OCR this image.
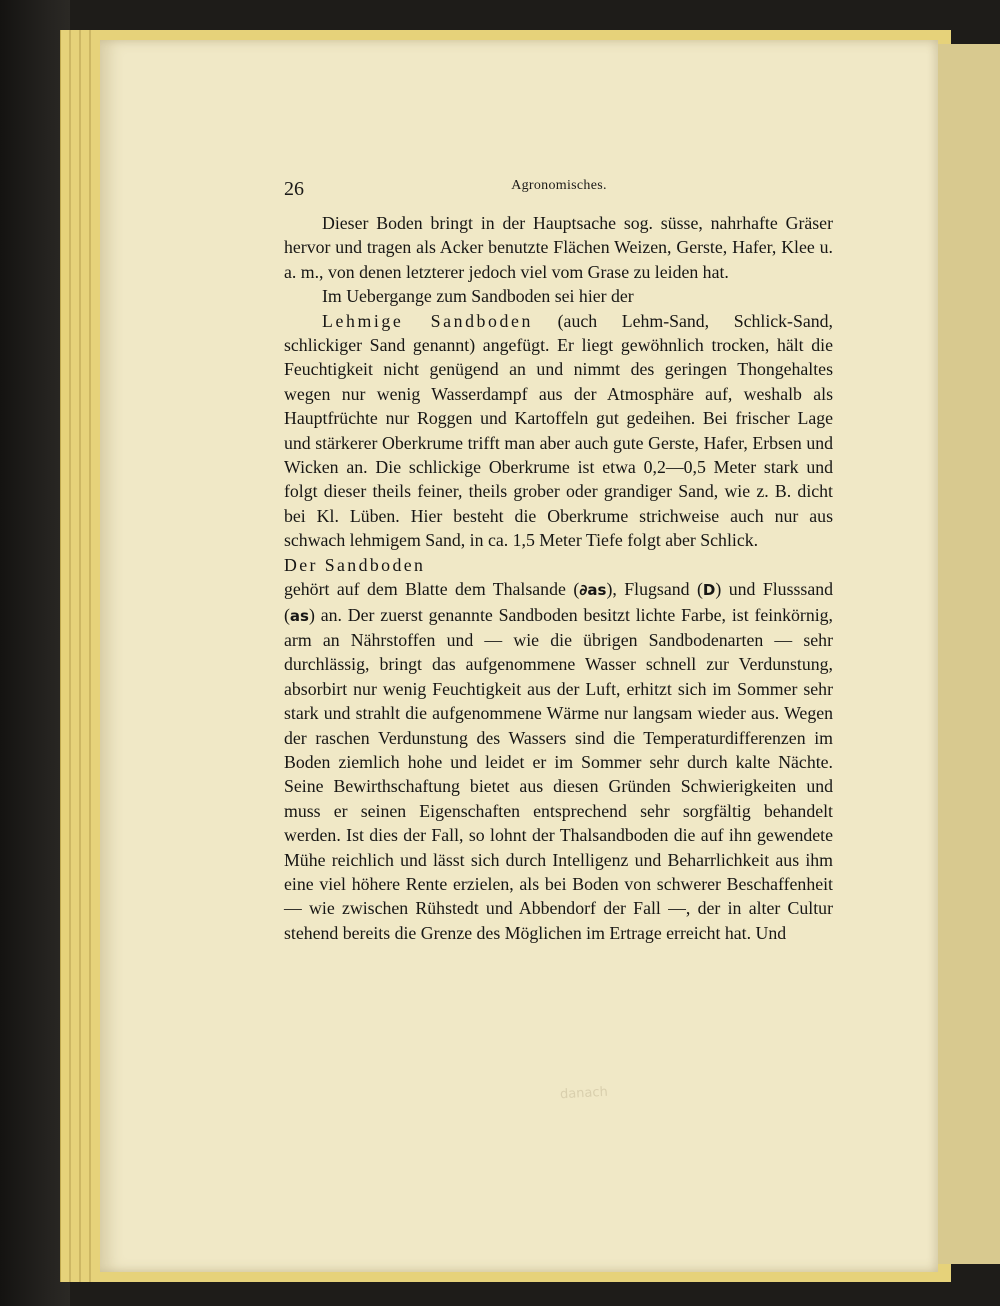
26	Agronomisches.

Dieser Boden bringt in der Hauptsache sog. süsse, nahrhafte Gräser hervor und tragen als Acker benutzte Flächen Weizen, Gerste, Hafer, Klee u. a. m., von denen letzterer jedoch viel vom Grase zu leiden hat.

Im Uebergange zum Sandboden sei hier der

Lehmige Sandboden (auch Lehm-Sand, Schlick-Sand, schlickiger Sand genannt) angefügt. Er liegt gewöhnlich trocken, hält die Feuchtigkeit nicht genügend an und nimmt des geringen Thongehaltes wegen nur wenig Wasserdampf aus der Atmosphäre auf, weshalb als Hauptfrüchte nur Roggen und Kartoffeln gut gedeihen. Bei frischer Lage und stärkerer Oberkrume trifft man aber auch gute Gerste, Hafer, Erbsen und Wicken an. Die schlickige Oberkrume ist etwa 0,2—0,5 Meter stark und folgt dieser theils feiner, theils grober oder grandiger Sand, wie z. B. dicht bei Kl. Lüben. Hier besteht die Oberkrume strichweise auch nur aus schwach lehmigem Sand, in ca. 1,5 Meter Tiefe folgt aber Schlick.

Der Sandboden

gehört auf dem Blatte dem Thalsande (∂as), Flugsand (D) und Flusssand (as) an. Der zuerst genannte Sandboden besitzt lichte Farbe, ist feinkörnig, arm an Nährstoffen und — wie die übrigen Sandbodenarten — sehr durchlässig, bringt das aufgenommene Wasser schnell zur Verdunstung, absorbirt nur wenig Feuchtigkeit aus der Luft, erhitzt sich im Sommer sehr stark und strahlt die aufgenommene Wärme nur langsam wieder aus. Wegen der raschen Verdunstung des Wassers sind die Temperaturdifferenzen im Boden ziemlich hohe und leidet er im Sommer sehr durch kalte Nächte. Seine Bewirthschaftung bietet aus diesen Gründen Schwierigkeiten und muss er seinen Eigenschaften entsprechend sehr sorgfältig behandelt werden. Ist dies der Fall, so lohnt der Thalsandboden die auf ihn gewendete Mühe reichlich und lässt sich durch Intelligenz und Beharrlichkeit aus ihm eine viel höhere Rente erzielen, als bei Boden von schwerer Beschaffenheit — wie zwischen Rühstedt und Abbendorf der Fall —, der in alter Cultur stehend bereits die Grenze des Möglichen im Ertrage erreicht hat. Und

danach
